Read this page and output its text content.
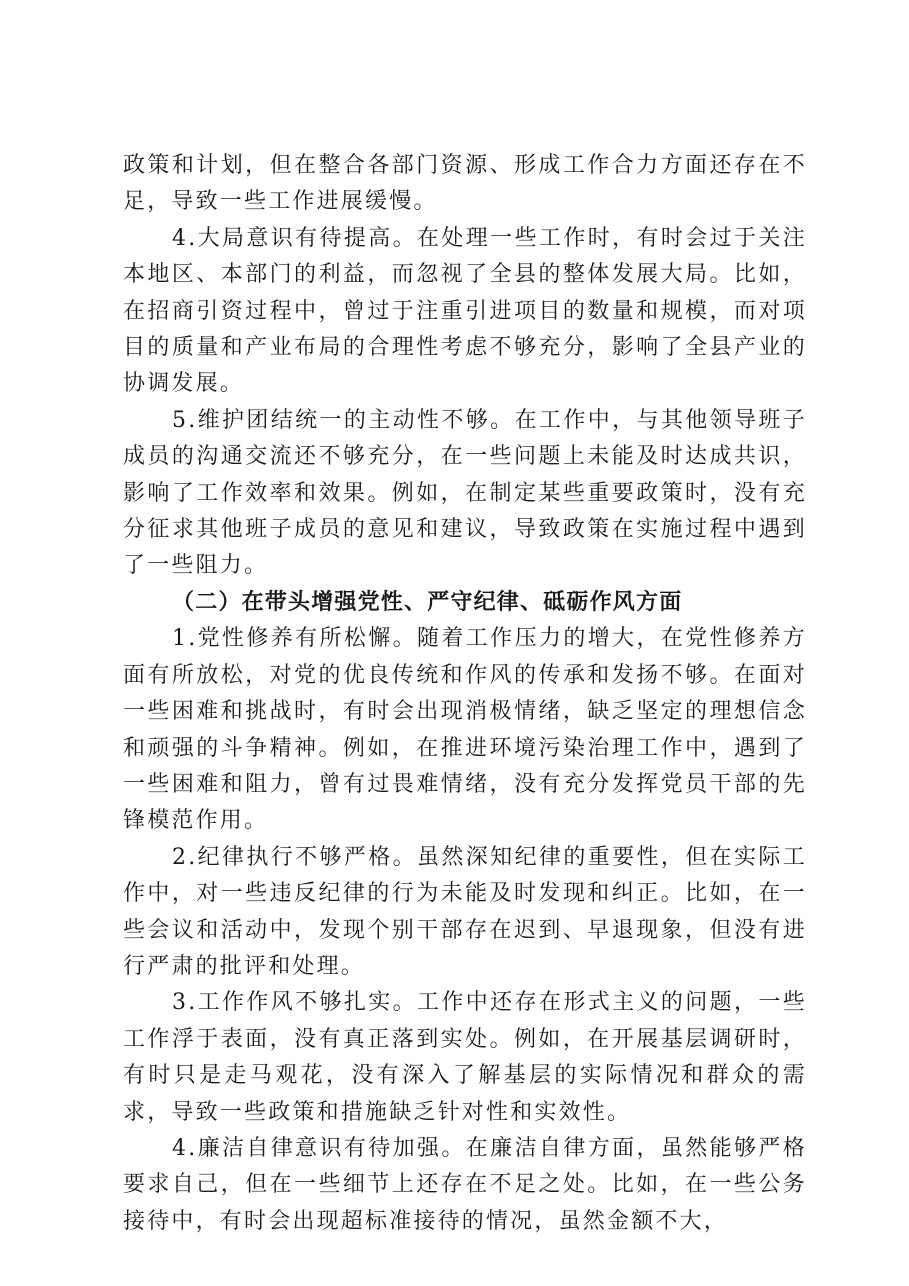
政策和计划，但在整合各部门资源、形成工作合力方面还存在不足，导致一些工作进展缓慢。

4.大局意识有待提高。在处理一些工作时，有时会过于关注本地区、本部门的利益，而忽视了全县的整体发展大局。比如，在招商引资过程中，曾过于注重引进项目的数量和规模，而对项目的质量和产业布局的合理性考虑不够充分，影响了全县产业的协调发展。

5.维护团结统一的主动性不够。在工作中，与其他领导班子成员的沟通交流还不够充分，在一些问题上未能及时达成共识，影响了工作效率和效果。例如，在制定某些重要政策时，没有充分征求其他班子成员的意见和建议，导致政策在实施过程中遇到了一些阻力。

（二）在带头增强党性、严守纪律、砥砺作风方面

1.党性修养有所松懈。随着工作压力的增大，在党性修养方面有所放松，对党的优良传统和作风的传承和发扬不够。在面对一些困难和挑战时，有时会出现消极情绪，缺乏坚定的理想信念和顽强的斗争精神。例如，在推进环境污染治理工作中，遇到了一些困难和阻力，曾有过畏难情绪，没有充分发挥党员干部的先锋模范作用。

2.纪律执行不够严格。虽然深知纪律的重要性，但在实际工作中，对一些违反纪律的行为未能及时发现和纠正。比如，在一些会议和活动中，发现个别干部存在迟到、早退现象，但没有进行严肃的批评和处理。

3.工作作风不够扎实。工作中还存在形式主义的问题，一些工作浮于表面，没有真正落到实处。例如，在开展基层调研时，有时只是走马观花，没有深入了解基层的实际情况和群众的需求，导致一些政策和措施缺乏针对性和实效性。

4.廉洁自律意识有待加强。在廉洁自律方面，虽然能够严格要求自己，但在一些细节上还存在不足之处。比如，在一些公务接待中，有时会出现超标准接待的情况，虽然金额不大，
